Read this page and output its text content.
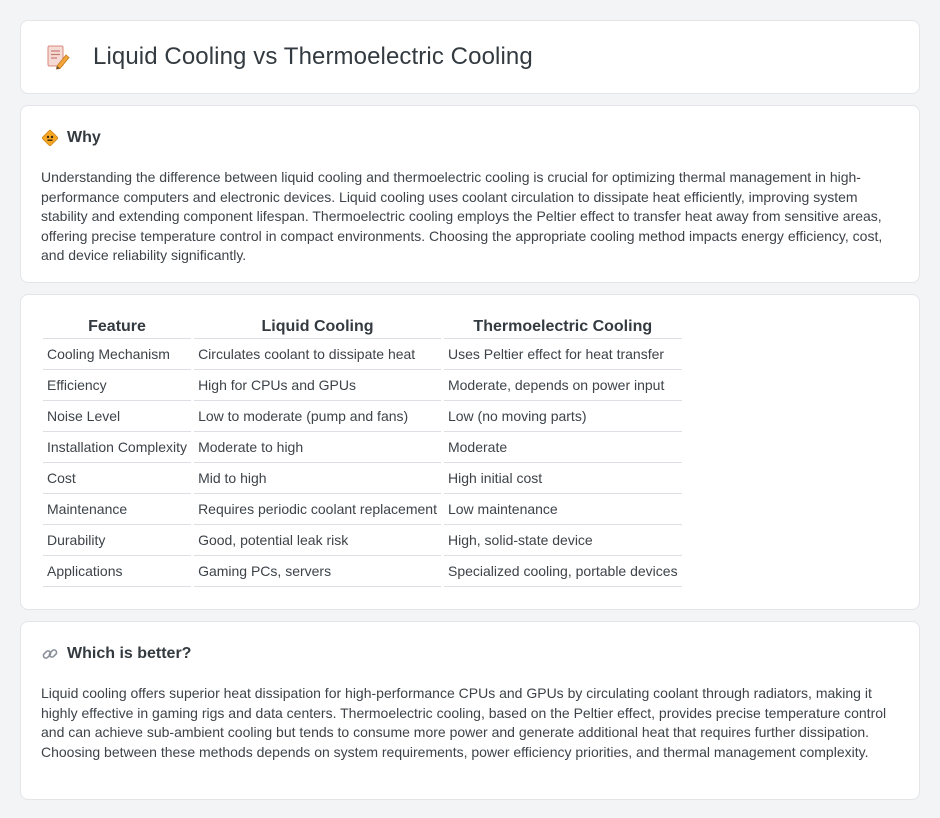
Liquid Cooling vs Thermoelectric Cooling
Why

Understanding the difference between liquid cooling and thermoelectric cooling is crucial for optimizing thermal management in high-performance computers and electronic devices. Liquid cooling uses coolant circulation to dissipate heat efficiently, improving system stability and extending component lifespan. Thermoelectric cooling employs the Peltier effect to transfer heat away from sensitive areas, offering precise temperature control in compact environments. Choosing the appropriate cooling method impacts energy efficiency, cost, and device reliability significantly.

Feature	Liquid Cooling	Thermoelectric Cooling
Cooling Mechanism	Circulates coolant to dissipate heat	Uses Peltier effect for heat transfer
Efficiency	High for CPUs and GPUs	Moderate, depends on power input
Noise Level	Low to moderate (pump and fans)	Low (no moving parts)
Installation Complexity	Moderate to high	Moderate
Cost	Mid to high	High initial cost
Maintenance	Requires periodic coolant replacement	Low maintenance
Durability	Good, potential leak risk	High, solid-state device
Applications	Gaming PCs, servers	Specialized cooling, portable devices
Which is better?

Liquid cooling offers superior heat dissipation for high-performance CPUs and GPUs by circulating coolant through radiators, making it highly effective in gaming rigs and data centers. Thermoelectric cooling, based on the Peltier effect, provides precise temperature control and can achieve sub-ambient cooling but tends to consume more power and generate additional heat that requires further dissipation. Choosing between these methods depends on system requirements, power efficiency priorities, and thermal management complexity.
